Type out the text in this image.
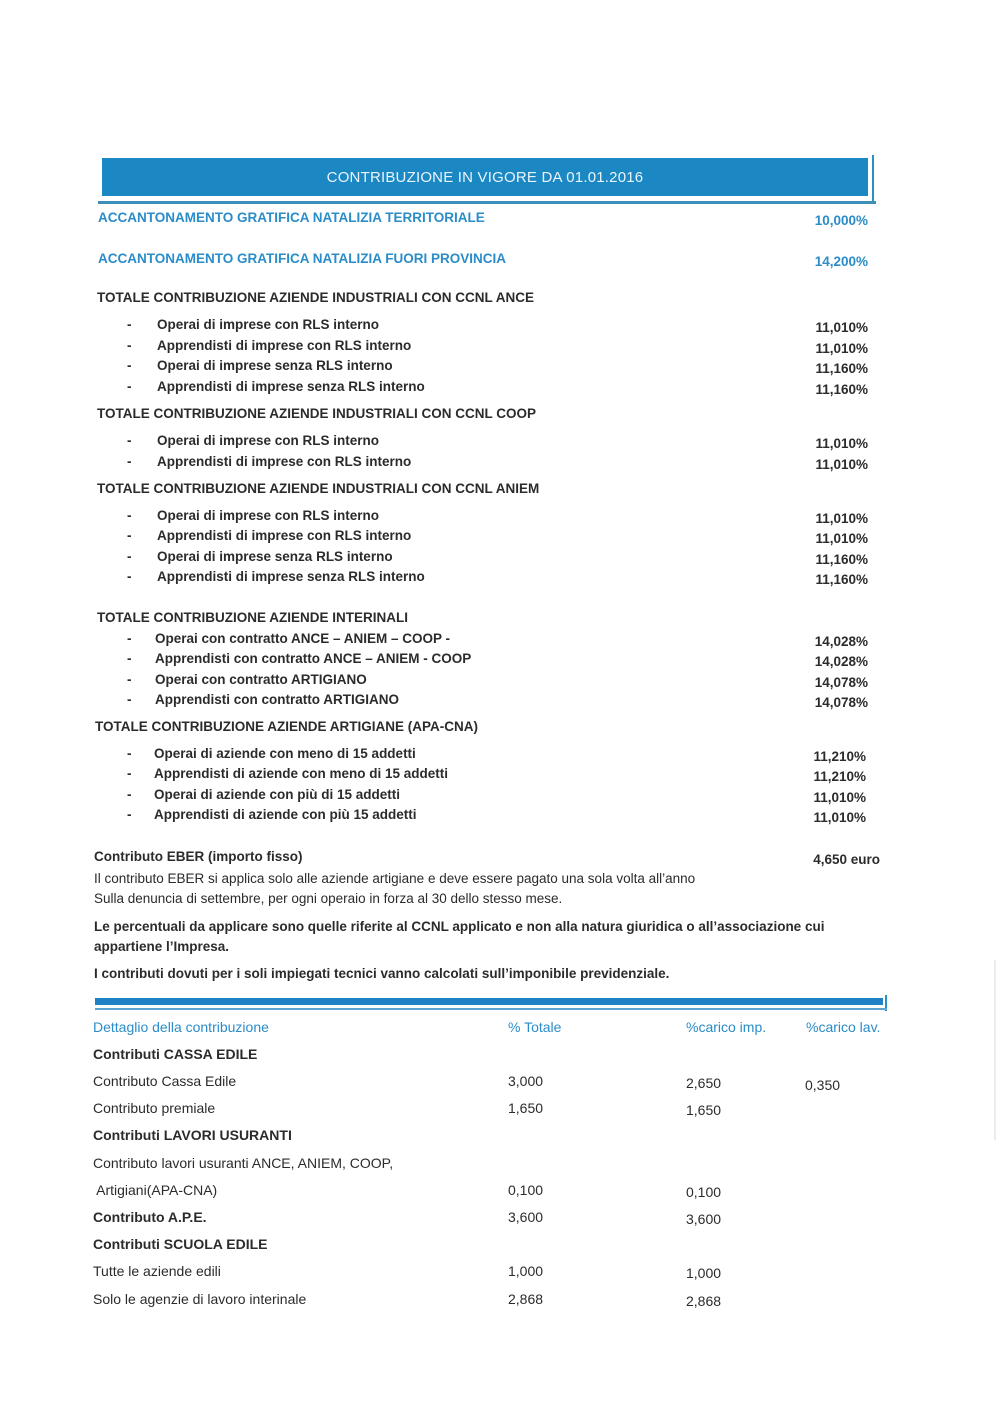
CONTRIBUZIONE IN VIGORE DA 01.01.2016
ACCANTONAMENTO GRATIFICA NATALIZIA TERRITORIALE	10,000%
ACCANTONAMENTO GRATIFICA NATALIZIA FUORI PROVINCIA	14,200%
TOTALE CONTRIBUZIONE AZIENDE INDUSTRIALI CON CCNL ANCE
-	Operai di imprese con RLS interno	11,010%
-	Apprendisti di imprese con RLS interno	11,010%
-	Operai di imprese senza RLS interno	11,160%
-	Apprendisti di imprese senza RLS interno	11,160%
TOTALE CONTRIBUZIONE AZIENDE INDUSTRIALI CON CCNL COOP
-	Operai di imprese con RLS interno	11,010%
-	Apprendisti di imprese con RLS interno	11,010%
TOTALE CONTRIBUZIONE AZIENDE INDUSTRIALI CON CCNL ANIEM
-	Operai di imprese con RLS interno	11,010%
-	Apprendisti di imprese con RLS interno	11,010%
-	Operai di imprese senza RLS interno	11,160%
-	Apprendisti di imprese senza RLS interno	11,160%
TOTALE CONTRIBUZIONE AZIENDE INTERINALI
-	Operai con contratto ANCE – ANIEM – COOP -	14,028%
-	Apprendisti con contratto ANCE – ANIEM - COOP	14,028%
-	Operai con contratto ARTIGIANO	14,078%
-	Apprendisti con contratto ARTIGIANO	14,078%
TOTALE CONTRIBUZIONE AZIENDE ARTIGIANE (APA-CNA)
-	Operai di aziende con meno di 15 addetti	11,210%
-	Apprendisti di aziende con meno di 15 addetti	11,210%
-	Operai di aziende con più di 15 addetti	11,010%
-	Apprendisti di aziende con più 15 addetti	11,010%
Contributo EBER (importo fisso)	4,650 euro
Il contributo EBER si applica solo alle aziende artigiane e deve essere pagato una sola volta all’anno
Sulla denuncia di settembre, per ogni operaio in forza al 30 dello stesso mese.
Le percentuali da applicare sono quelle riferite al CCNL applicato e non alla natura giuridica o all’associazione cui
appartiene l’Impresa.
I contributi dovuti per i soli impiegati tecnici vanno calcolati sull’imponibile previdenziale.
Dettaglio della contribuzione	% Totale	%carico imp.	%carico lav.
Contributi CASSA EDILE
Contributo Cassa Edile	3,000	2,650	0,350
Contributo premiale	1,650	1,650
Contributi LAVORI USURANTI
Contributo lavori usuranti ANCE, ANIEM, COOP,
Artigiani(APA-CNA)	0,100	0,100
Contributo A.P.E.	3,600	3,600
Contributi SCUOLA EDILE
Tutte le aziende edili	1,000	1,000
Solo le agenzie di lavoro interinale	2,868	2,868
